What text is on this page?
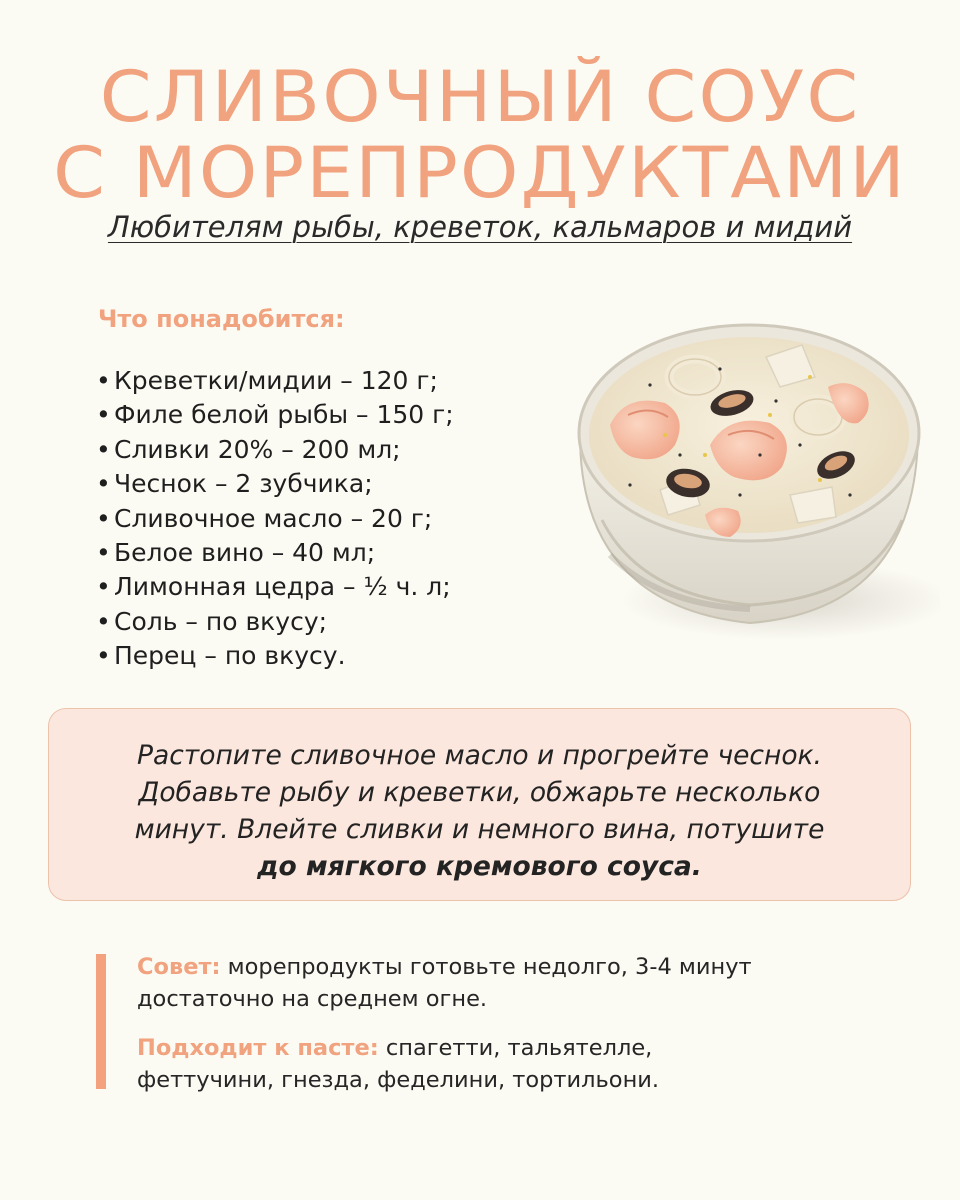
СЛИВОЧНЫЙ СОУС
С МОРЕПРОДУКТАМИ
Любителям рыбы, креветок, кальмаров и мидий
Что понадобится:
• Креветки/мидии – 120 г;
• Филе белой рыбы – 150 г;
• Сливки 20% – 200 мл;
• Чеснок – 2 зубчика;
• Сливочное масло – 20 г;
• Белое вино – 40 мл;
• Лимонная цедра – ½ ч. л;
• Соль – по вкусу;
• Перец – по вкусу.
Растопите сливочное масло и прогрейте чеснок.
Добавьте рыбу и креветки, обжарьте несколько
минут. Влейте сливки и немного вина, потушите
до мягкого кремового соуса.
Совет: морепродукты готовьте недолго, 3-4 минут
достаточно на среднем огне.
Подходит к пасте: спагетти, тальятелле,
феттучини, гнезда, феделини, тортильони.
